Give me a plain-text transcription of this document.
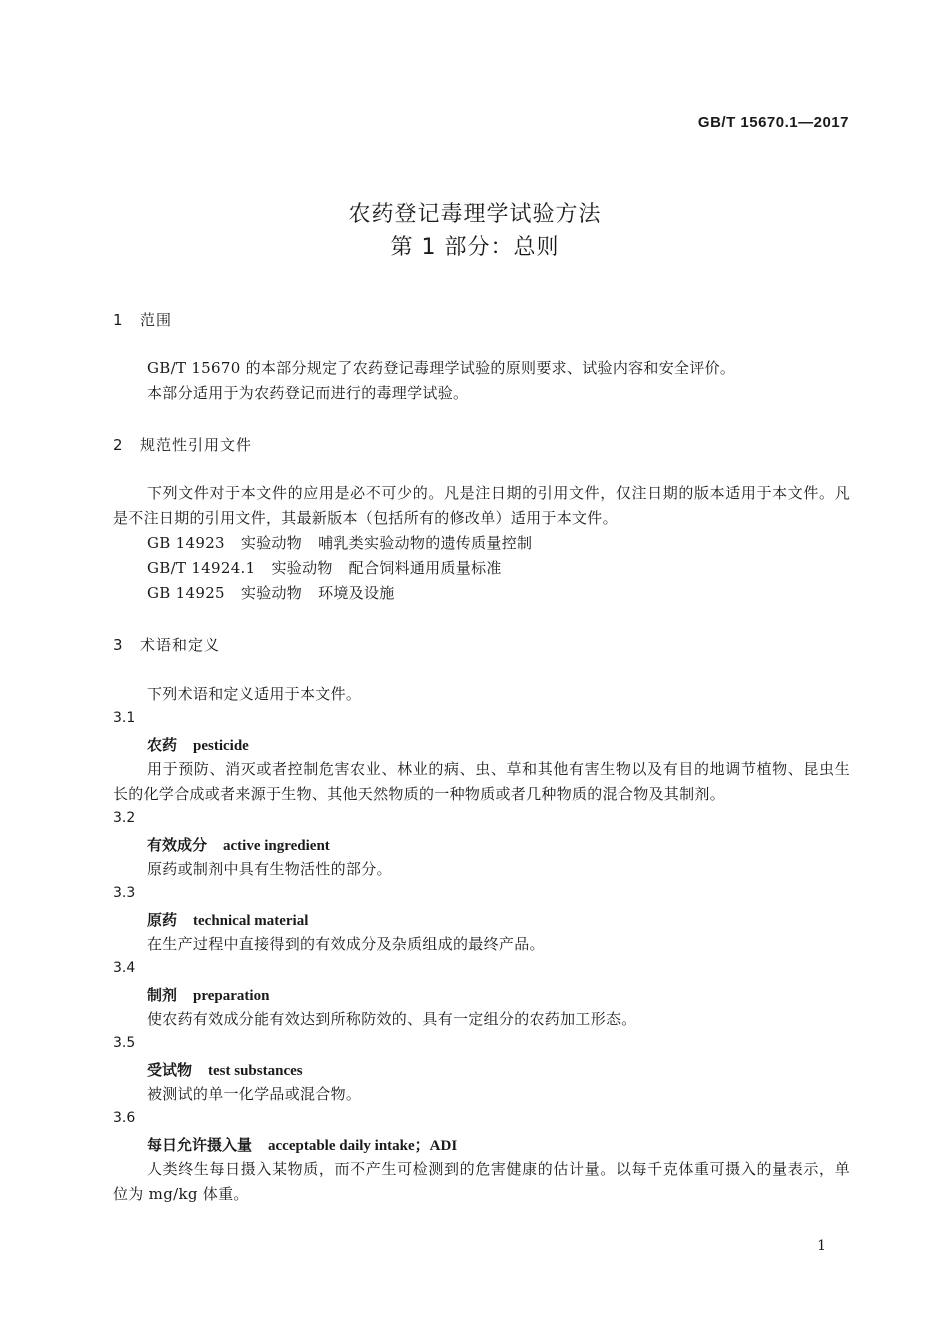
GB/T 15670.1—2017
农药登记毒理学试验方法
第 1 部分：总则
1 范围
GB/T 15670 的本部分规定了农药登记毒理学试验的原则要求、试验内容和安全评价。
本部分适用于为农药登记而进行的毒理学试验。
2 规范性引用文件
下列文件对于本文件的应用是必不可少的。凡是注日期的引用文件，仅注日期的版本适用于本文件。凡是不注日期的引用文件，其最新版本（包括所有的修改单）适用于本文件。
GB 14923 实验动物 哺乳类实验动物的遗传质量控制
GB/T 14924.1 实验动物 配合饲料通用质量标准
GB 14925 实验动物 环境及设施
3 术语和定义
下列术语和定义适用于本文件。
3.1
农药 pesticide
用于预防、消灭或者控制危害农业、林业的病、虫、草和其他有害生物以及有目的地调节植物、昆虫生长的化学合成或者来源于生物、其他天然物质的一种物质或者几种物质的混合物及其制剂。
3.2
有效成分 active ingredient
原药或制剂中具有生物活性的部分。
3.3
原药 technical material
在生产过程中直接得到的有效成分及杂质组成的最终产品。
3.4
制剂 preparation
使农药有效成分能有效达到所称防效的、具有一定组分的农药加工形态。
3.5
受试物 test substances
被测试的单一化学品或混合物。
3.6
每日允许摄入量 acceptable daily intake；ADI
人类终生每日摄入某物质，而不产生可检测到的危害健康的估计量。以每千克体重可摄入的量表示，单位为 mg/kg 体重。
1
